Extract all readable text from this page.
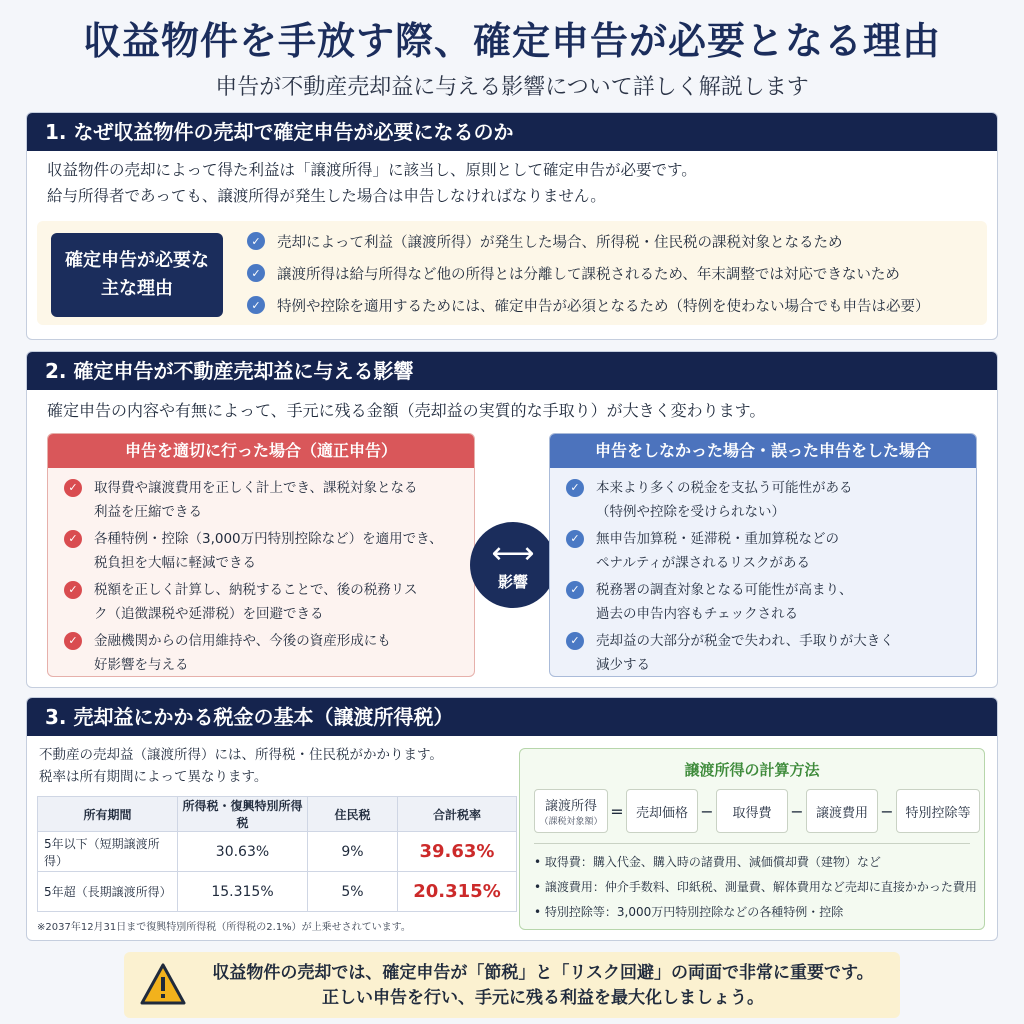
収益物件を手放す際、確定申告が必要となる理由
申告が不動産売却益に与える影響について詳しく解説します
1. なぜ収益物件の売却で確定申告が必要になるのか
収益物件の売却によって得た利益は「譲渡所得」に該当し、原則として確定申告が必要です。
給与所得者であっても、譲渡所得が発生した場合は申告しなければなりません。
確定申告が必要な主な理由
✓	売却によって利益（譲渡所得）が発生した場合、所得税・住民税の課税対象となるため
✓	譲渡所得は給与所得など他の所得とは分離して課税されるため、年末調整では対応できないため
✓	特例や控除を適用するためには、確定申告が必須となるため（特例を使わない場合でも申告は必要）
2. 確定申告が不動産売却益に与える影響
確定申告の内容や有無によって、手元に残る金額（売却益の実質的な手取り）が大きく変わります。
申告を適切に行った場合（適正申告）
✓	取得費や譲渡費用を正しく計上でき、課税対象となる
利益を圧縮できる
✓	各種特例・控除（3,000万円特別控除など）を適用でき、
税負担を大幅に軽減できる
✓	税額を正しく計算し、納税することで、後の税務リス
ク（追徴課税や延滞税）を回避できる
✓	金融機関からの信用維持や、今後の資産形成にも
好影響を与える
⟷
影響
申告をしなかった場合・誤った申告をした場合
✓	本来より多くの税金を支払う可能性がある
（特例や控除を受けられない）
✓	無申告加算税・延滞税・重加算税などの
ペナルティが課されるリスクがある
✓	税務署の調査対象となる可能性が高まり、
過去の申告内容もチェックされる
✓	売却益の大部分が税金で失われ、手取りが大きく
減少する
3. 売却益にかかる税金の基本（譲渡所得税）
不動産の売却益（譲渡所得）には、所得税・住民税がかかります。
税率は所有期間によって異なります。
所有期間	所得税・復興特別所得税	住民税	合計税率
5年以下（短期譲渡所得）	30.63%	9%	39.63%
5年超（長期譲渡所得）	15.315%	5%	20.315%
※2037年12月31日まで復興特別所得税（所得税の2.1%）が上乗せされています。
譲渡所得の計算方法
譲渡所得
（課税対象額）
= 売却価格 − 取得費 − 譲渡費用 − 特別控除等
• 取得費：購入代金、購入時の諸費用、減価償却費（建物）など
• 譲渡費用：仲介手数料、印紙税、測量費、解体費用など売却に直接かかった費用
• 特別控除等：3,000万円特別控除などの各種特例・控除
収益物件の売却では、確定申告が「節税」と「リスク回避」の両面で非常に重要です。
正しい申告を行い、手元に残る利益を最大化しましょう。
